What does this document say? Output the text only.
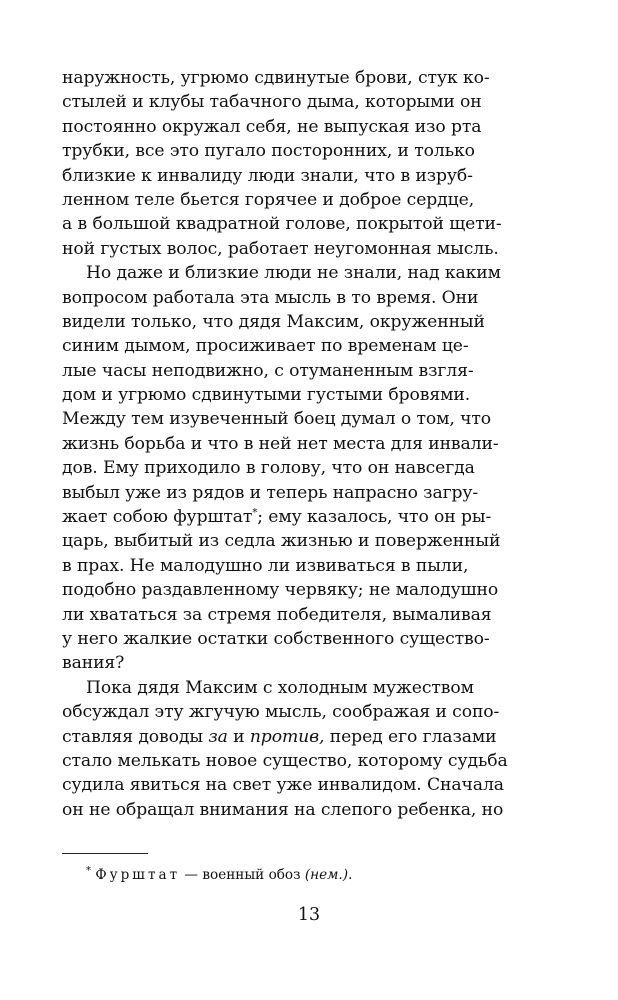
наружность, угрюмо сдвинутые брови, стук ко-
стылей и клубы табачного дыма, которыми он
постоянно окружал себя, не выпуская изо рта
трубки, все это пугало посторонних, и только
близкие к инвалиду люди знали, что в изруб-
ленном теле бьется горячее и доброе сердце,
а в большой квадратной голове, покрытой щети-
ной густых волос, работает неугомонная мысль.
Но даже и близкие люди не знали, над каким
вопросом работала эта мысль в то время. Они
видели только, что дядя Максим, окруженный
синим дымом, просиживает по временам це-
лые часы неподвижно, с отуманенным взгля-
дом и угрюмо сдвинутыми густыми бровями.
Между тем изувеченный боец думал о том, что
жизнь борьба и что в ней нет места для инвали-
дов. Ему приходило в голову, что он навсегда
выбыл уже из рядов и теперь напрасно загру-
жает собою фурштат*; ему казалось, что он ры-
царь, выбитый из седла жизнью и поверженный
в прах. Не малодушно ли извиваться в пыли,
подобно раздавленному червяку; не малодушно
ли хвататься за стремя победителя, вымаливая
у него жалкие остатки собственного существо-
вания?
Пока дядя Максим с холодным мужеством
обсуждал эту жгучую мысль, соображая и сопо-
ставляя доводы за и против, перед его глазами
стало мелькать новое существо, которому судьба
судила явиться на свет уже инвалидом. Сначала
он не обращал внимания на слепого ребенка, но
* Фурштат — военный обоз (нем.).
13
